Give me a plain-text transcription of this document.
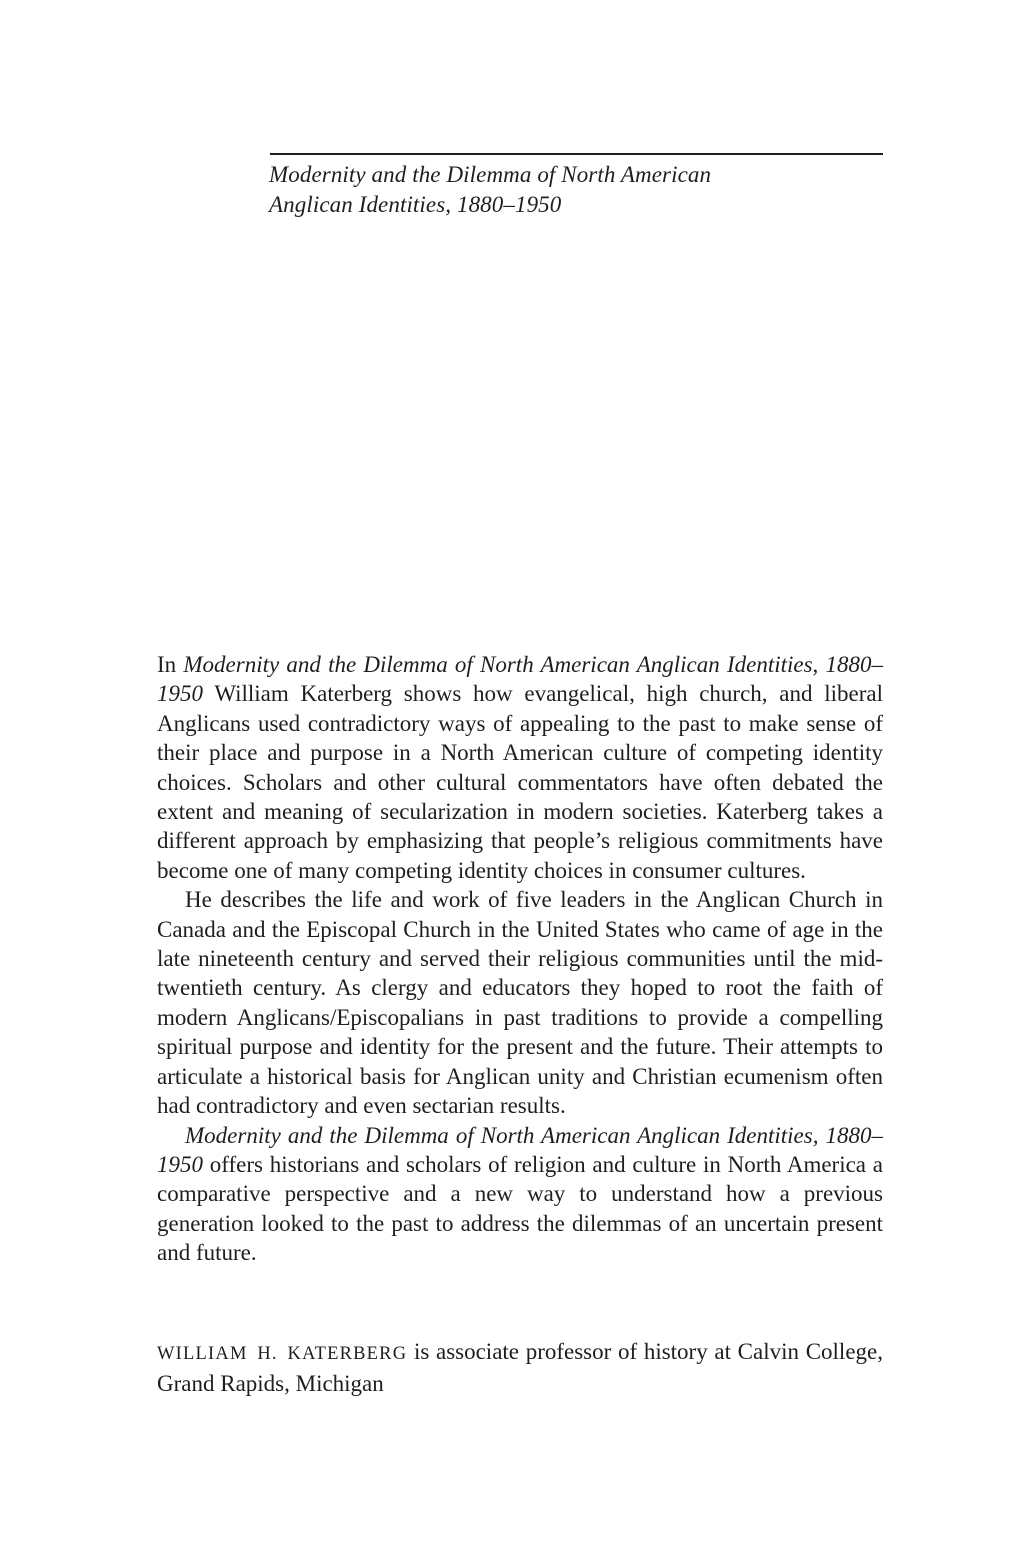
Modernity and the Dilemma of North American
Anglican Identities, 1880–1950

In Modernity and the Dilemma of North American Anglican Identities, 1880–1950 William Katerberg shows how evangelical, high church, and liberal Anglicans used contradictory ways of appealing to the past to make sense of their place and purpose in a North American culture of competing identity choices. Scholars and other cultural commentators have often debated the extent and meaning of secularization in modern societies. Katerberg takes a different approach by emphasizing that people’s religious commitments have become one of many competing identity choices in consumer cultures.

He describes the life and work of five leaders in the Anglican Church in Canada and the Episcopal Church in the United States who came of age in the late nineteenth century and served their religious communities until the mid-twentieth century. As clergy and educators they hoped to root the faith of modern Anglicans/Episcopalians in past traditions to provide a compelling spiritual purpose and identity for the present and the future. Their attempts to articulate a historical basis for Anglican unity and Christian ecumenism often had contradictory and even sectarian results.

Modernity and the Dilemma of North American Anglican Identities, 1880–1950 offers historians and scholars of religion and culture in North America a comparative perspective and a new way to understand how a previous generation looked to the past to address the dilemmas of an uncertain present and future.

WILLIAM H. KATERBERG is associate professor of history at Calvin College, Grand Rapids, Michigan
